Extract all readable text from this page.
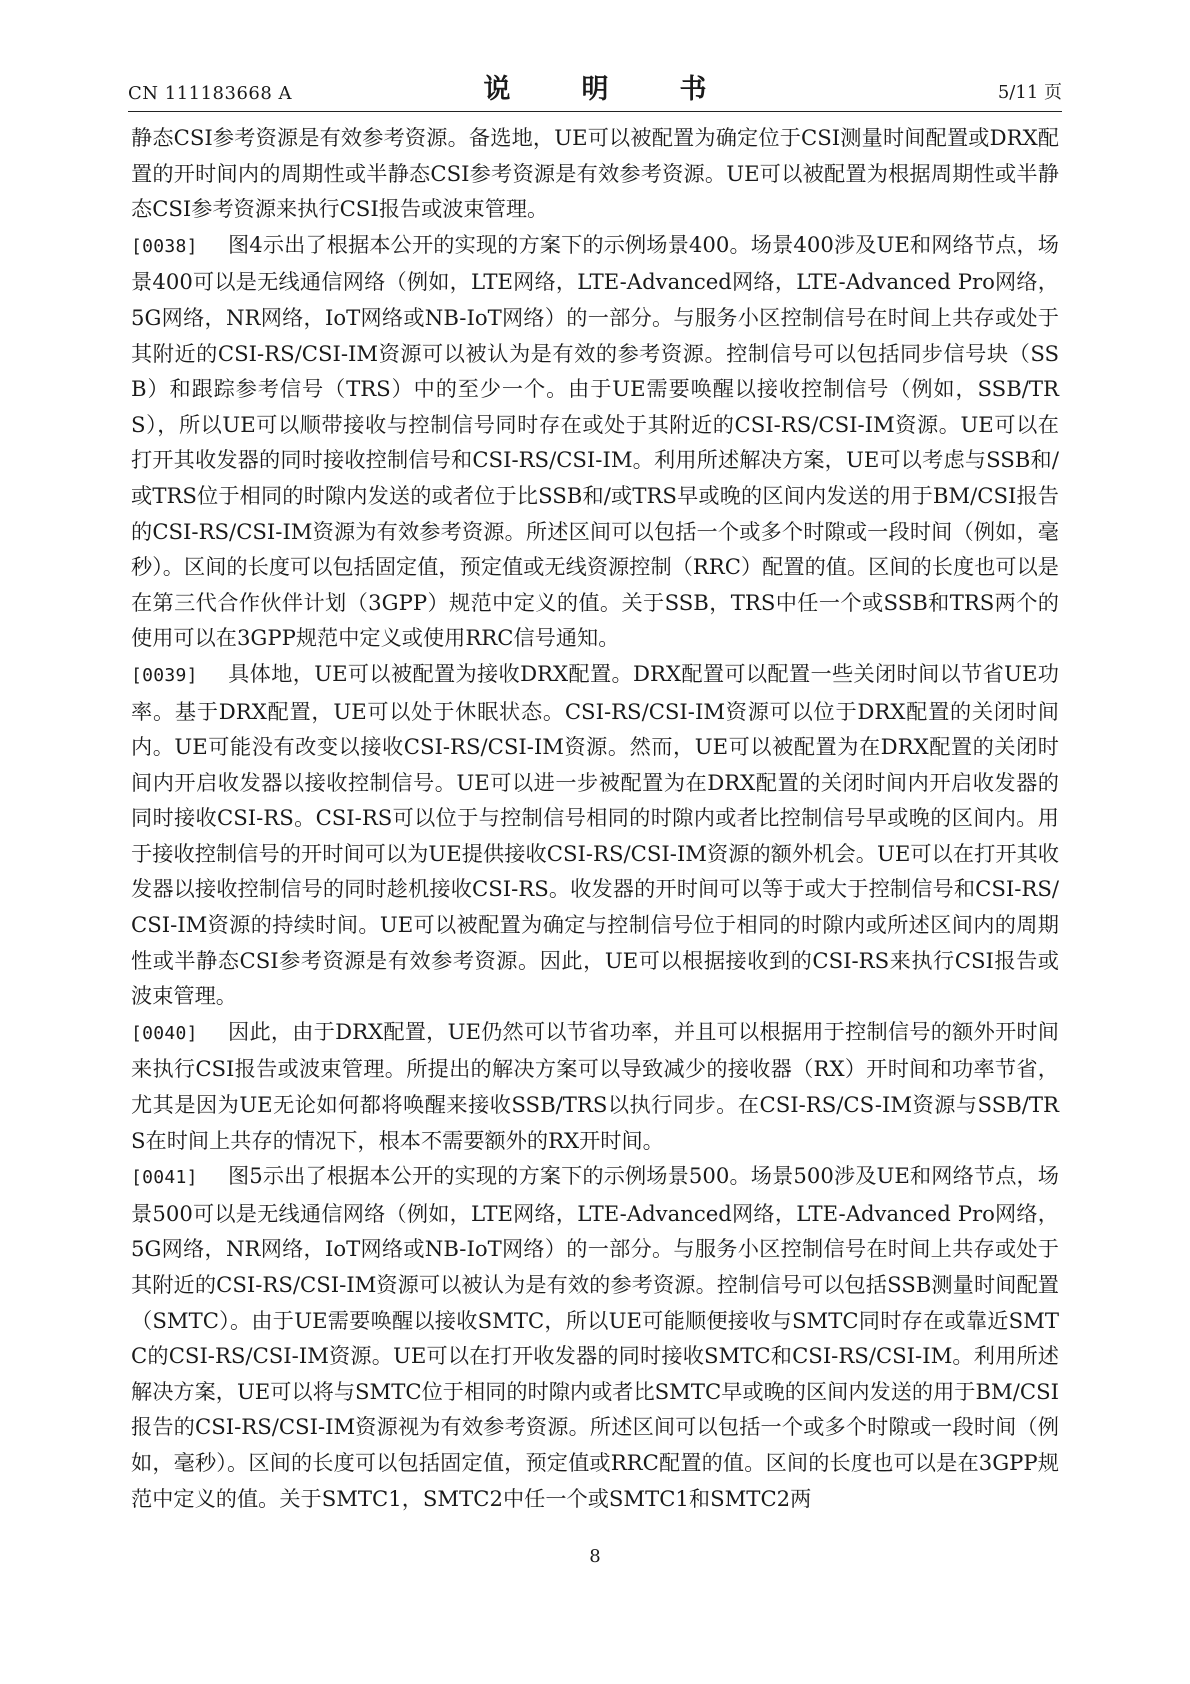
CN 111183668 A	说　明　书	5/11 页

静态CSI参考资源是有效参考资源。备选地，UE可以被配置为确定位于CSI测量时间配置或DRX配置的开时间内的周期性或半静态CSI参考资源是有效参考资源。UE可以被配置为根据周期性或半静态CSI参考资源来执行CSI报告或波束管理。

[0038] 图4示出了根据本公开的实现的方案下的示例场景400。场景400涉及UE和网络节点，场景400可以是无线通信网络（例如，LTE网络，LTE-Advanced网络，LTE-Advanced Pro网络，5G网络，NR网络，IoT网络或NB-IoT网络）的一部分。与服务小区控制信号在时间上共存或处于其附近的CSI-RS/CSI-IM资源可以被认为是有效的参考资源。控制信号可以包括同步信号块（SSB）和跟踪参考信号（TRS）中的至少一个。由于UE需要唤醒以接收控制信号（例如，SSB/TRS），所以UE可以顺带接收与控制信号同时存在或处于其附近的CSI-RS/CSI-IM资源。UE可以在打开其收发器的同时接收控制信号和CSI-RS/CSI-IM。利用所述解决方案，UE可以考虑与SSB和/或TRS位于相同的时隙内发送的或者位于比SSB和/或TRS早或晚的区间内发送的用于BM/CSI报告的CSI-RS/CSI-IM资源为有效参考资源。所述区间可以包括一个或多个时隙或一段时间（例如，毫秒）。区间的长度可以包括固定值，预定值或无线资源控制（RRC）配置的值。区间的长度也可以是在第三代合作伙伴计划（3GPP）规范中定义的值。关于SSB，TRS中任一个或SSB和TRS两个的使用可以在3GPP规范中定义或使用RRC信号通知。

[0039] 具体地，UE可以被配置为接收DRX配置。DRX配置可以配置一些关闭时间以节省UE功率。基于DRX配置，UE可以处于休眠状态。CSI-RS/CSI-IM资源可以位于DRX配置的关闭时间内。UE可能没有改变以接收CSI-RS/CSI-IM资源。然而，UE可以被配置为在DRX配置的关闭时间内开启收发器以接收控制信号。UE可以进一步被配置为在DRX配置的关闭时间内开启收发器的同时接收CSI-RS。CSI-RS可以位于与控制信号相同的时隙内或者比控制信号早或晚的区间内。用于接收控制信号的开时间可以为UE提供接收CSI-RS/CSI-IM资源的额外机会。UE可以在打开其收发器以接收控制信号的同时趁机接收CSI-RS。收发器的开时间可以等于或大于控制信号和CSI-RS/CSI-IM资源的持续时间。UE可以被配置为确定与控制信号位于相同的时隙内或所述区间内的周期性或半静态CSI参考资源是有效参考资源。因此，UE可以根据接收到的CSI-RS来执行CSI报告或波束管理。

[0040] 因此，由于DRX配置，UE仍然可以节省功率，并且可以根据用于控制信号的额外开时间来执行CSI报告或波束管理。所提出的解决方案可以导致减少的接收器（RX）开时间和功率节省，尤其是因为UE无论如何都将唤醒来接收SSB/TRS以执行同步。在CSI-RS/CS-IM资源与SSB/TRS在时间上共存的情况下，根本不需要额外的RX开时间。

[0041] 图5示出了根据本公开的实现的方案下的示例场景500。场景500涉及UE和网络节点，场景500可以是无线通信网络（例如，LTE网络，LTE-Advanced网络，LTE-Advanced Pro网络，5G网络，NR网络，IoT网络或NB-IoT网络）的一部分。与服务小区控制信号在时间上共存或处于其附近的CSI-RS/CSI-IM资源可以被认为是有效的参考资源。控制信号可以包括SSB测量时间配置（SMTC）。由于UE需要唤醒以接收SMTC，所以UE可能顺便接收与SMTC同时存在或靠近SMTC的CSI-RS/CSI-IM资源。UE可以在打开收发器的同时接收SMTC和CSI-RS/CSI-IM。利用所述解决方案，UE可以将与SMTC位于相同的时隙内或者比SMTC早或晚的区间内发送的用于BM/CSI报告的CSI-RS/CSI-IM资源视为有效参考资源。所述区间可以包括一个或多个时隙或一段时间（例如，毫秒）。区间的长度可以包括固定值，预定值或RRC配置的值。区间的长度也可以是在3GPP规范中定义的值。关于SMTC1，SMTC2中任一个或SMTC1和SMTC2两

8
